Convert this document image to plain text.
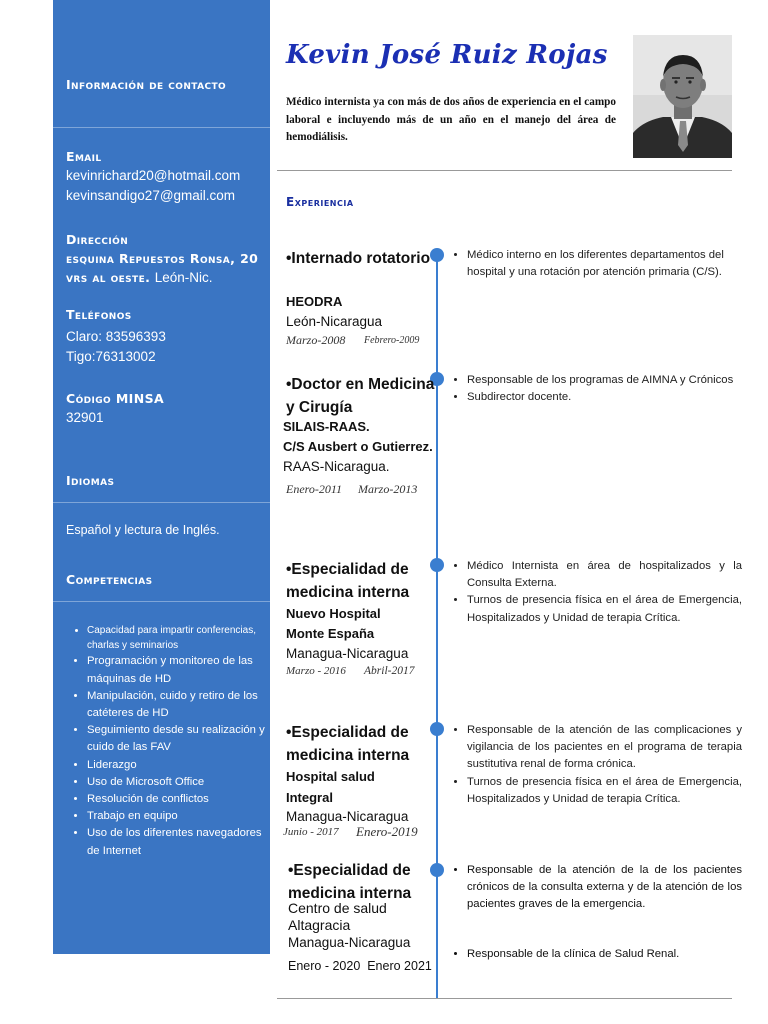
Información de contacto
Email
kevinrichard20@hotmail.com
kevinsandigo27@gmail.com
Dirección
esquina Repuestos Ronsa, 20 vrs al oeste. León-Nic.
Teléfonos
Claro: 83596393
Tigo:76313002
Código MINSA
32901
Idiomas
Español y lectura de Inglés.
Competencias
• Capacidad para impartir conferencias, charlas y seminarios
• Programación y monitoreo de las máquinas de HD
• Manipulación, cuido y retiro de los catéteres de HD
• Seguimiento desde su realización y cuido de las FAV
• Liderazgo
• Uso de Microsoft Office
• Resolución de conflictos
• Trabajo en equipo
• Uso de los diferentes navegadores de Internet
Kevin José Ruiz Rojas
Médico internista ya con más de dos años de experiencia en el campo laboral e incluyendo más de un año en el manejo del área de hemodiálisis.
Experiencia
•Internado rotatorio
HEODRA
León-Nicaragua
Marzo-2008 Febrero-2009
• Médico interno en los diferentes departamentos del hospital y una rotación por atención primaria (C/S).
•Doctor en Medicina y Cirugía
SILAIS-RAAS.
C/S Ausbert o Gutierrez.
RAAS-Nicaragua.
Enero-2011 Marzo-2013
• Responsable de los programas de AIMNA y Crónicos
• Subdirector docente.
•Especialidad de medicina interna
Nuevo Hospital
Monte España
Managua-Nicaragua
Marzo - 2016 Abril-2017
• Médico Internista en área de hospitalizados y la Consulta Externa.
• Turnos de presencia física en el área de Emergencia, Hospitalizados y Unidad de terapia Crítica.
•Especialidad de medicina interna
Hospital salud
Integral
Managua-Nicaragua
Junio - 2017 Enero-2019
• Responsable de la atención de las complicaciones y vigilancia de los pacientes en el programa de terapia sustitutiva renal de forma crónica.
• Turnos de presencia física en el área de Emergencia, Hospitalizados y Unidad de terapia Crítica.
•Especialidad de medicina interna
Centro de salud
Altagracia
Managua-Nicaragua
Enero - 2020  Enero 2021
• Responsable de la atención de la de los pacientes crónicos de la consulta externa y de la atención de los pacientes graves de la emergencia.
• Responsable de la clínica de Salud Renal.
